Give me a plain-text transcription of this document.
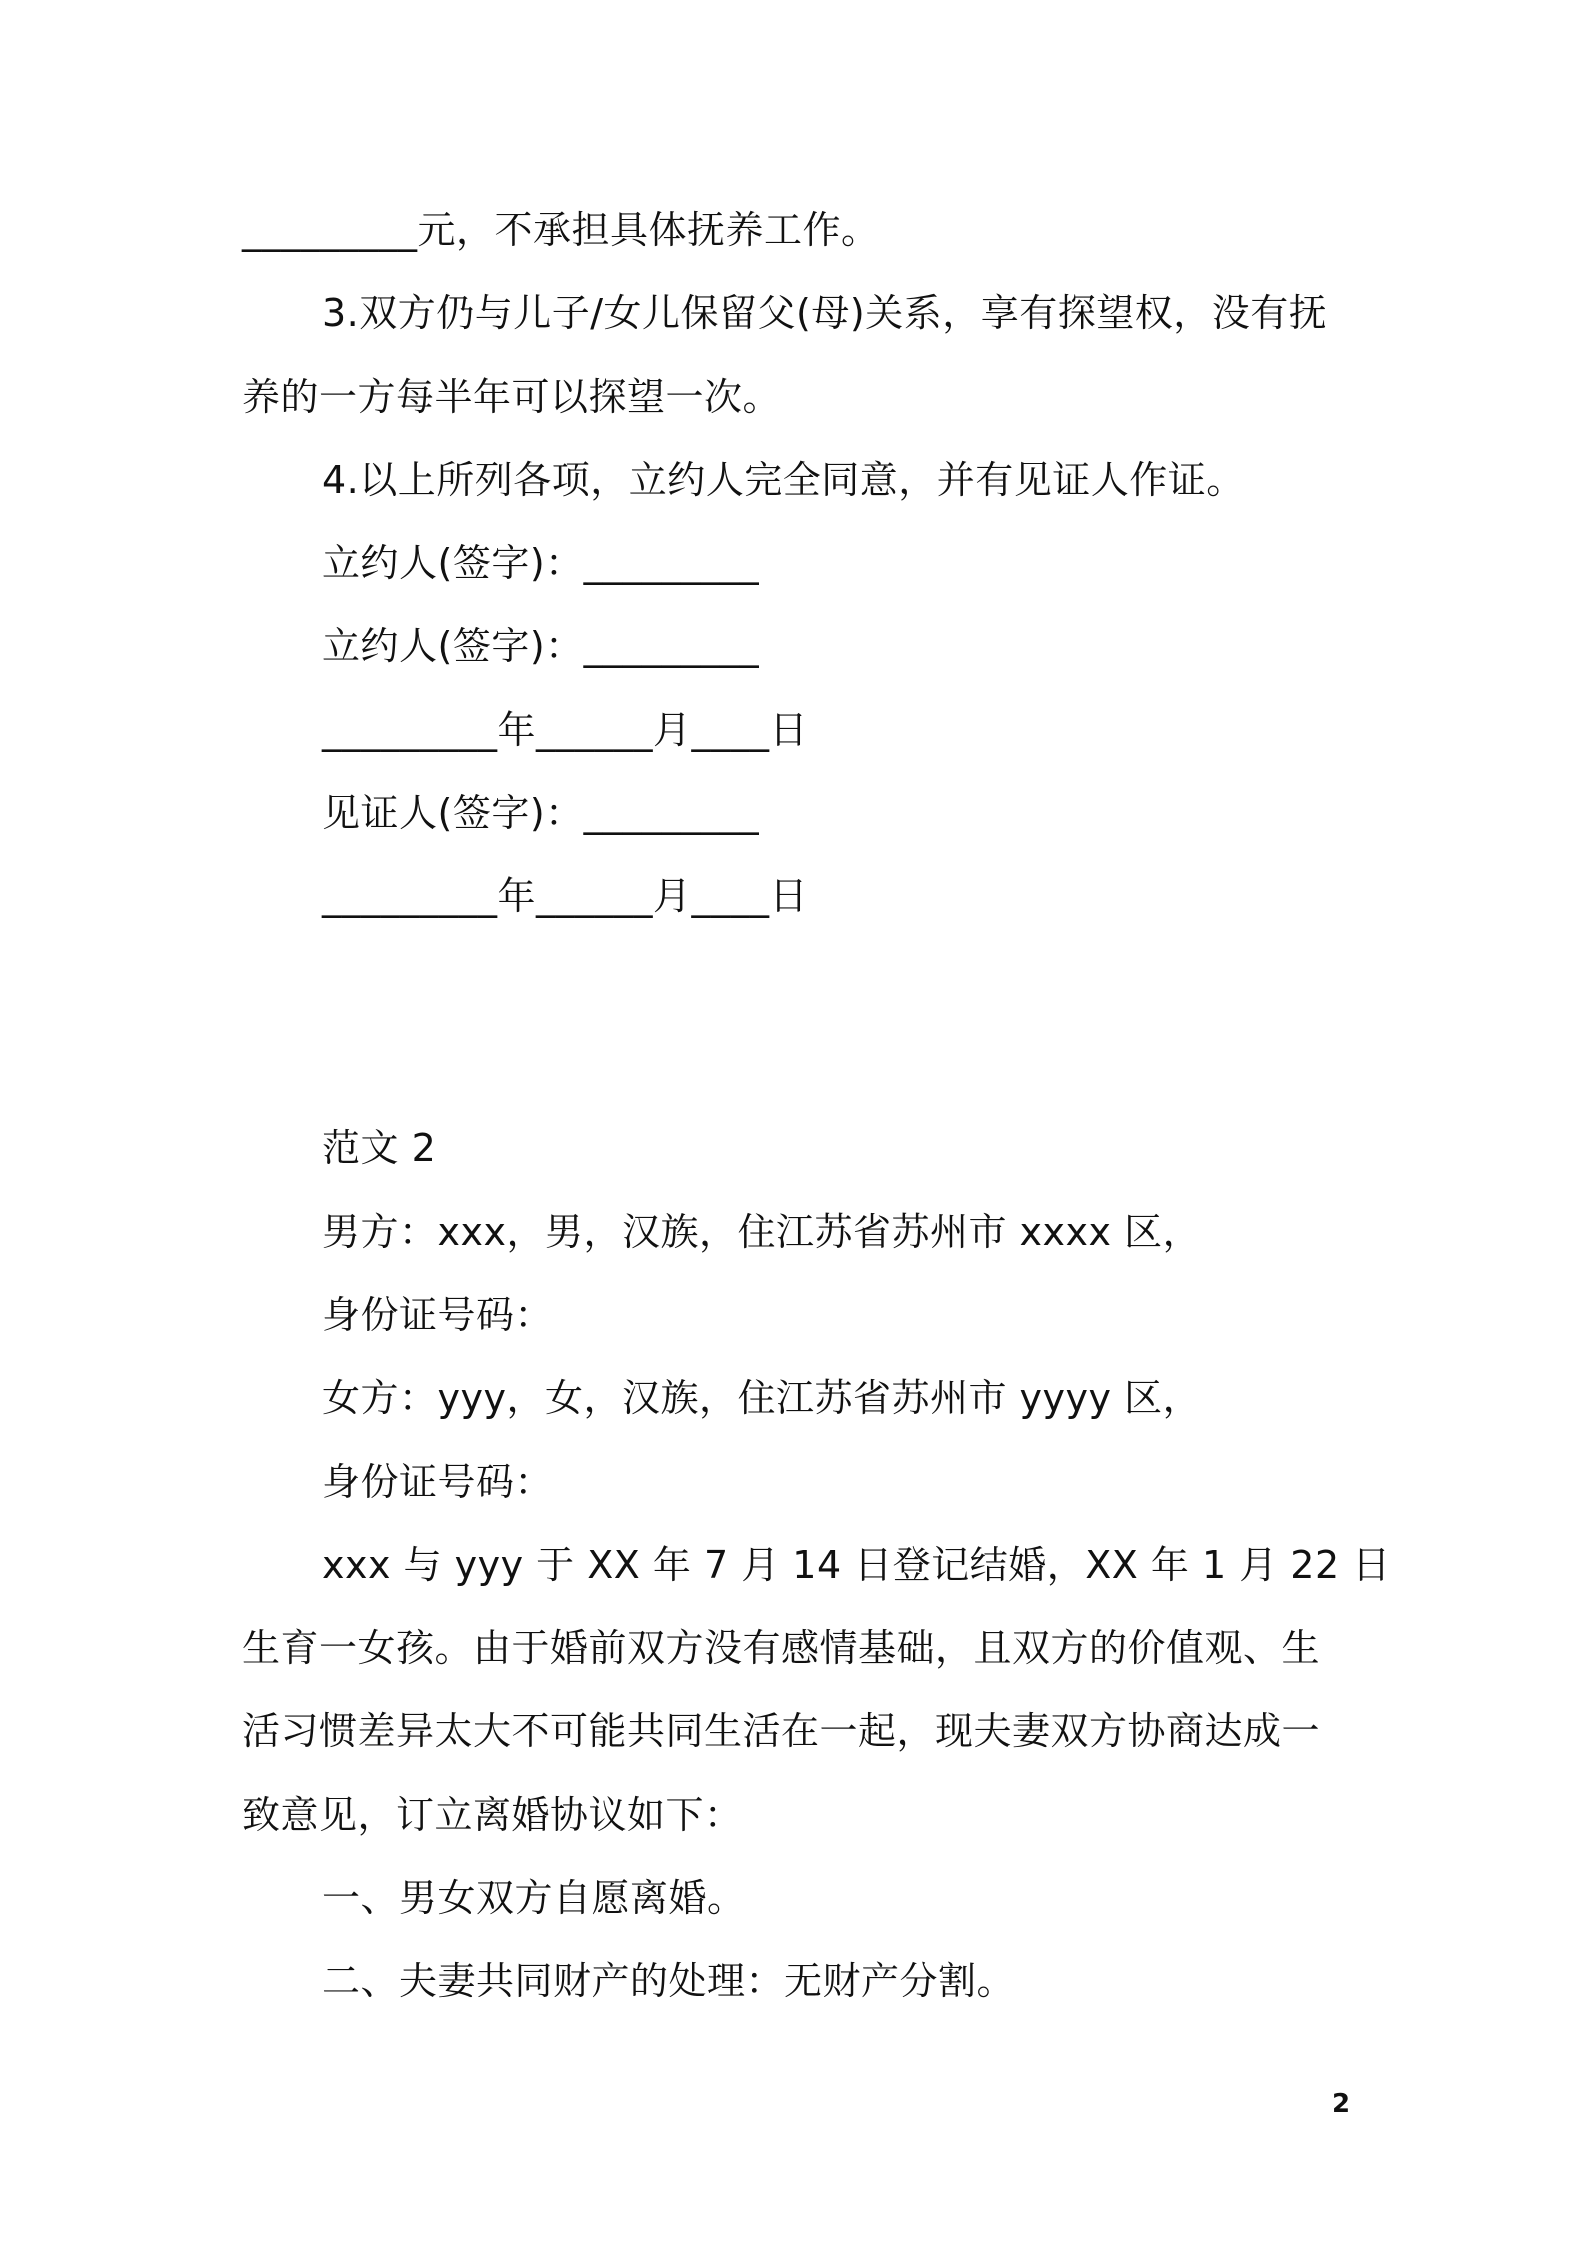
_________元，不承担具体抚养工作。
3.双方仍与儿子/女儿保留父(母)关系，享有探望权，没有抚
养的一方每半年可以探望一次。
4.以上所列各项，立约人完全同意，并有见证人作证。
立约人(签字)：_________
立约人(签字)：_________
_________年______月____日
见证人(签字)：_________
_________年______月____日
范文 2
男方：xxx，男，汉族，住江苏省苏州市 xxxx 区，
身份证号码：
女方：yyy，女，汉族，住江苏省苏州市 yyyy 区，
身份证号码：
xxx 与 yyy 于 XX 年 7 月 14 日登记结婚，XX 年 1 月 22 日
生育一女孩。由于婚前双方没有感情基础，且双方的价值观、生
活习惯差异太大不可能共同生活在一起，现夫妻双方协商达成一
致意见，订立离婚协议如下：
一、男女双方自愿离婚。
二、夫妻共同财产的处理：无财产分割。
2
